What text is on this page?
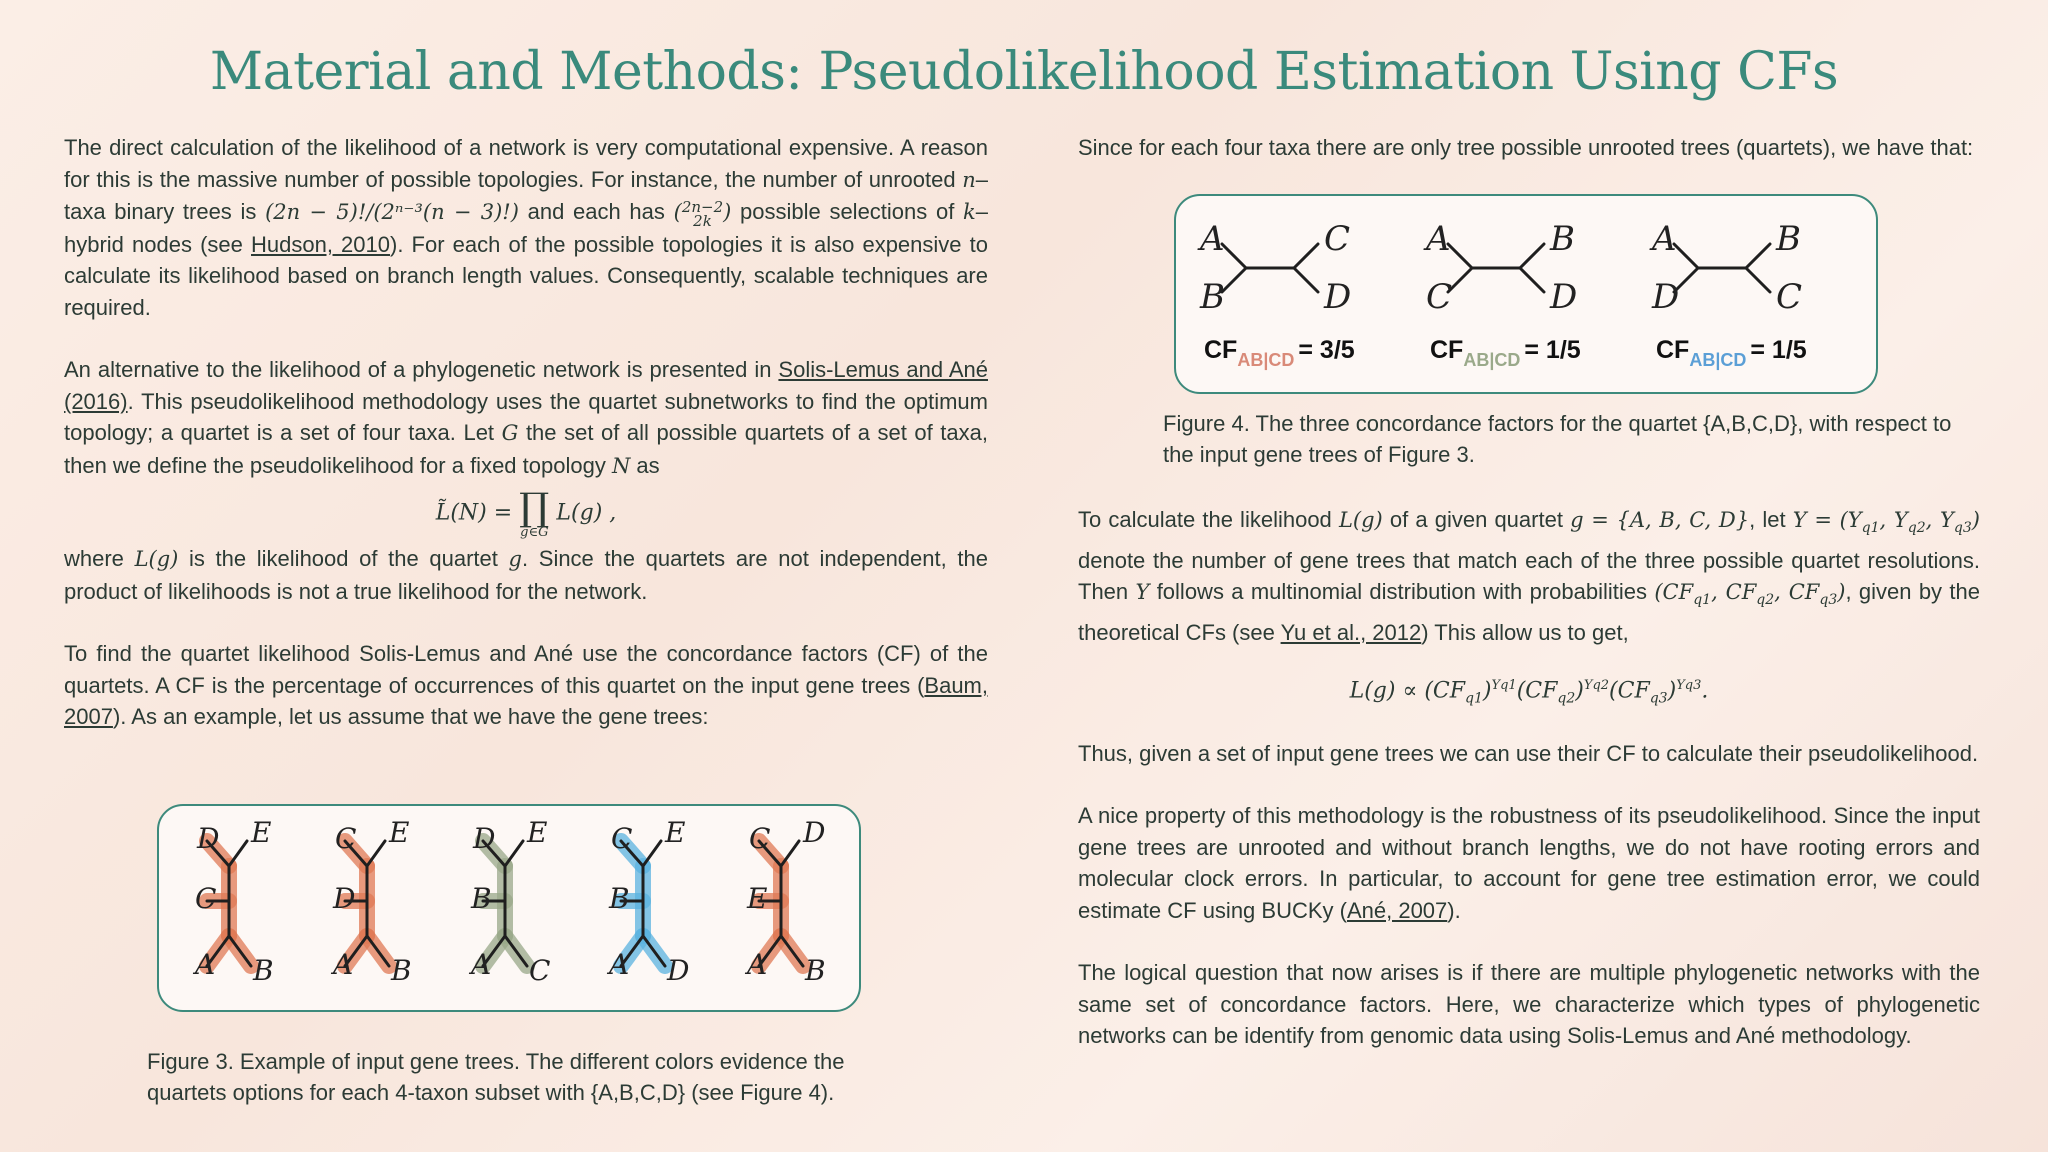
Material and Methods: Pseudolikelihood Estimation Using CFs

The direct calculation of the likelihood of a network is very computational expensive. A reason for this is the massive number of possible topologies. For instance, the number of unrooted n–taxa binary trees is (2n − 5)!/(2ⁿ⁻³(n − 3)!) and each has ( 2n−2
2k ) possible selections of k–hybrid nodes (see Hudson, 2010). For each of the possible topologies it is also expensive to calculate its likelihood based on branch length values. Consequently, scalable techniques are required.

An alternative to the likelihood of a phylogenetic network is presented in Solis-Lemus and Ané (2016). This pseudolikelihood methodology uses the quartet subnetworks to find the optimum topology; a quartet is a set of four taxa. Let G the set of all possible quartets of a set of taxa, then we define the pseudolikelihood for a fixed topology N as

L̃(N) = ∏
g∈G
L(g) ,

where L(g) is the likelihood of the quartet g. Since the quartets are not independent, the product of likelihoods is not a true likelihood for the network.

To find the quartet likelihood Solis-Lemus and Ané use the concordance factors (CF) of the quartets. A CF is the percentage of occurrences of this quartet on the input gene trees (Baum, 2007). As an example, let us assume that we have the gene trees:

D E
C
A B
C E
D
A B
D E
B
A C
C E
B
A D
C D
E
A B
Figure 3. Example of input gene trees. The different colors evidence the quartets options for each 4-taxon subset with {A,B,C,D} (see Figure 4).

Since for each four taxa there are only tree possible unrooted trees (quartets), we have that:

A	C
B	D
$CF_{AB|CD} = 3/5$
A	B
C	D
$CF_{AB|CD} = 1/5$
A	B
D	C
$CF_{AB|CD} = 1/5$
Figure 4. The three concordance factors for the quartet {A,B,C,D}, with respect to the input gene trees of Figure 3.

To calculate the likelihood L(g) of a given quartet g = {A, B, C, D}, let $Y = (Y_{q1}$, $Y_{q2}$, $Y_{q3}$) denote the number of gene trees that match each of the three possible quartet resolutions. Then Y follows a multinomial distribution with probabilities ($CF_{q1}$, $CF_{q2}$, $CF_{q3}$), given by the theoretical CFs (see Yu et al., 2012) This allow us to get,

$L(g) \propto (CF_{q1})^{Yq1}(CF_{q2})^{Yq2}(CF_{q3})^{Yq3}$.

Thus, given a set of input gene trees we can use their CF to calculate their pseudolikelihood.

A nice property of this methodology is the robustness of its pseudolikelihood. Since the input gene trees are unrooted and without branch lengths, we do not have rooting errors and molecular clock errors. In particular, to account for gene tree estimation error, we could estimate CF using BUCKy (Ané, 2007).

The logical question that now arises is if there are multiple phylogenetic networks with the same set of concordance factors. Here, we characterize which types of phylogenetic networks can be identify from genomic data using Solis-Lemus and Ané methodology.
